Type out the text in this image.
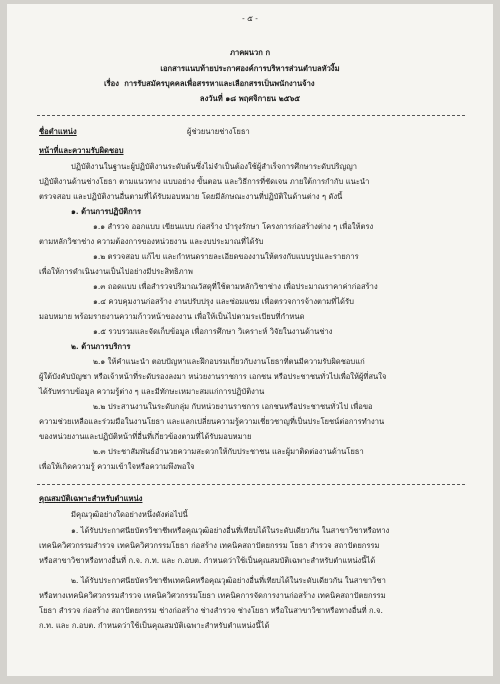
- ๕ -
ภาคผนวก ก
เอกสารแนบท้ายประกาศองค์การบริหารส่วนตำบลหัวงิ้ม
เรื่อง การรับสมัครบุคคลเพื่อสรรหาและเลือกสรรเป็นพนักงานจ้าง
ลงวันที่ ๑๘ พฤศจิกายน ๒๕๖๕
ชื่อตำแหน่ง	ผู้ช่วยนายช่างโยธา
หน้าที่และความรับผิดชอบ
ปฏิบัติงานในฐานะผู้ปฏิบัติงานระดับต้นซึ่งไม่จำเป็นต้องใช้ผู้สำเร็จการศึกษาระดับปริญญา
ปฏิบัติงานด้านช่างโยธา ตามแนวทาง แบบอย่าง ขั้นตอน และวิธีการที่ชัดเจน ภายใต้การกำกับ แนะนำ
ตรวจสอบ และปฏิบัติงานอื่นตามที่ได้รับมอบหมาย โดยมีลักษณะงานที่ปฏิบัติในด้านต่าง ๆ ดังนี้
๑. ด้านการปฏิบัติการ
๑.๑ สำรวจ ออกแบบ เขียนแบบ ก่อสร้าง บำรุงรักษา โครงการก่อสร้างต่าง ๆ เพื่อให้ตรง
ตามหลักวิชาช่าง ความต้องการของหน่วยงาน และงบประมาณที่ได้รับ
๑.๒ ตรวจสอบ แก้ไข และกำหนดรายละเอียดของงานให้ตรงกับแบบรูปและรายการ
เพื่อให้การดำเนินงานเป็นไปอย่างมีประสิทธิภาพ
๑.๓ ถอดแบบ เพื่อสำรวจปริมาณวัสดุที่ใช้ตามหลักวิชาช่าง เพื่อประมาณราคาค่าก่อสร้าง
๑.๔ ควบคุมงานก่อสร้าง งานปรับปรุง และซ่อมแซม เพื่อตรวจการจ้างตามที่ได้รับ
มอบหมาย พร้อมรายงานความก้าวหน้าของงาน เพื่อให้เป็นไปตามระเบียบที่กำหนด
๑.๕ รวบรวมและจัดเก็บข้อมูล เพื่อการศึกษา วิเคราะห์ วิจัยในงานด้านช่าง
๒. ด้านการบริการ
๒.๑ ให้คำแนะนำ ตอบปัญหาและฝึกอบรมเกี่ยวกับงานโยธาที่ตนมีความรับผิดชอบแก่
ผู้ใต้บังคับบัญชา หรือเจ้าหน้าที่ระดับรองลงมา หน่วยงานราชการ เอกชน หรือประชาชนทั่วไปเพื่อให้ผู้ที่สนใจ
ได้รับทราบข้อมูล ความรู้ต่าง ๆ และมีทักษะเหมาะสมแก่การปฏิบัติงาน
๒.๒ ประสานงานในระดับกลุ่ม กับหน่วยงานราชการ เอกชนหรือประชาชนทั่วไป เพื่อขอ
ความช่วยเหลือและร่วมมือในงานโยธา และแลกเปลี่ยนความรู้ความเชี่ยวชาญที่เป็นประโยชน์ต่อการทำงาน
ของหน่วยงานและปฏิบัติหน้าที่อื่นที่เกี่ยวข้องตามที่ได้รับมอบหมาย
๒.๓ ประชาสัมพันธ์อำนวยความสะดวกให้กับประชาชน และผู้มาติดต่องานด้านโยธา
เพื่อให้เกิดความรู้ ความเข้าใจหรือความพึงพอใจ
คุณสมบัติเฉพาะสำหรับตำแหน่ง
มีคุณวุฒิอย่างใดอย่างหนึ่งดังต่อไปนี้
๑. ได้รับประกาศนียบัตรวิชาชีพหรือคุณวุฒิอย่างอื่นที่เทียบได้ในระดับเดียวกัน ในสาขาวิชาหรือทาง
เทคนิควิศวกรรมสำรวจ เทคนิควิศวกรรมโยธา ก่อสร้าง เทคนิคสถาปัตยกรรม โยธา สำรวจ สถาปัตยกรรม
หรือสาขาวิชาหรือทางอื่นที่ ก.จ. ก.ท. และ ก.อบต. กำหนดว่าใช้เป็นคุณสมบัติเฉพาะสำหรับตำแหน่งนี้ได้
๒. ได้รับประกาศนียบัตรวิชาชีพเทคนิคหรือคุณวุฒิอย่างอื่นที่เทียบได้ในระดับเดียวกัน ในสาขาวิชา
หรือทางเทคนิควิศวกรรมสำรวจ เทคนิควิศวกรรมโยธา เทคนิคการจัดการงานก่อสร้าง เทคนิคสถาปัตยกรรม
โยธา สำรวจ ก่อสร้าง สถาปัตยกรรม ช่างก่อสร้าง ช่างสำรวจ ช่างโยธา หรือในสาขาวิชาหรือทางอื่นที่ ก.จ.
ก.ท. และ ก.อบต. กำหนดว่าใช้เป็นคุณสมบัติเฉพาะสำหรับตำแหน่งนี้ได้
